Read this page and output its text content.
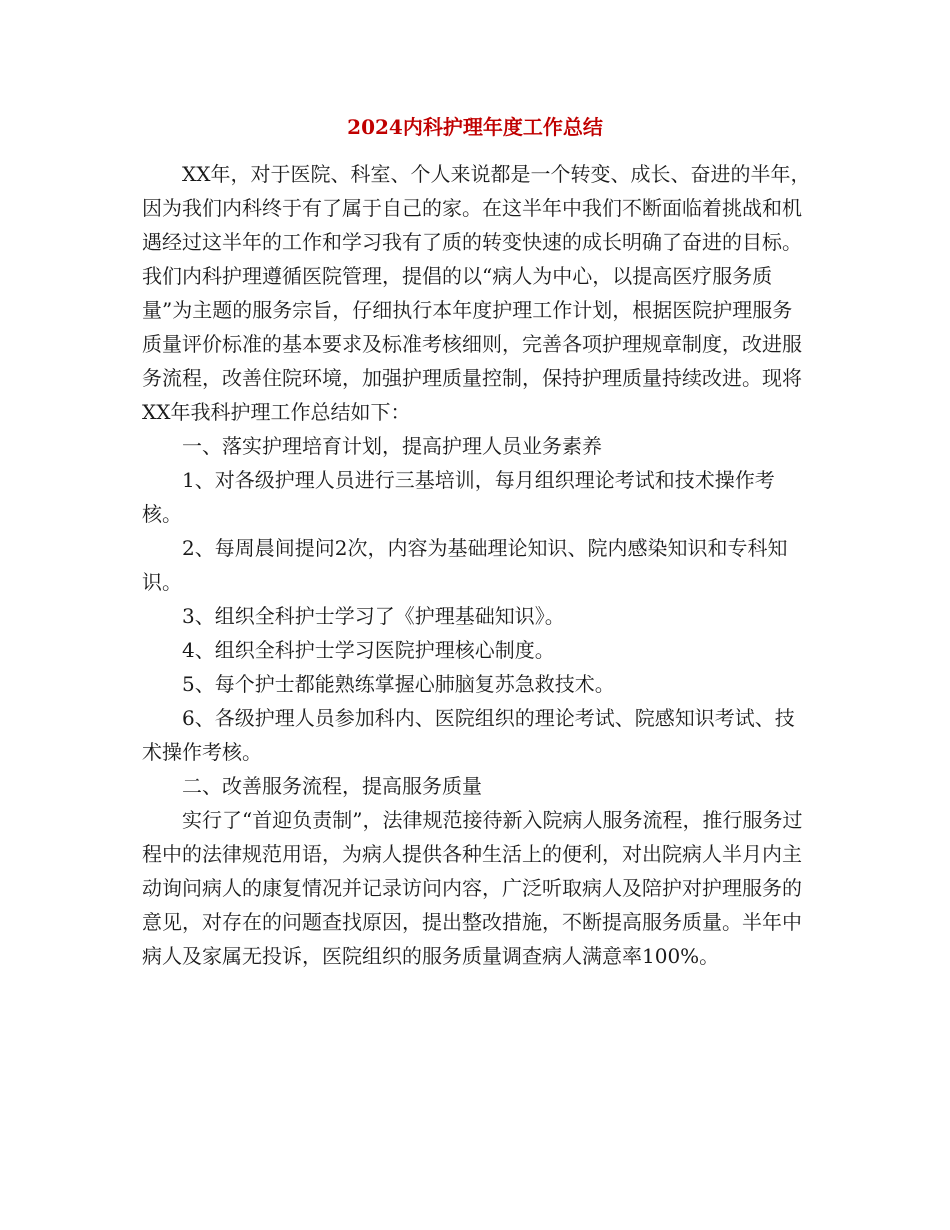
2024内科护理年度工作总结

XX年，对于医院、科室、个人来说都是一个转变、成长、奋进的半年，因为我们内科终于有了属于自己的家。在这半年中我们不断面临着挑战和机遇经过这半年的工作和学习我有了质的转变快速的成长明确了奋进的目标。我们内科护理遵循医院管理，提倡的以“病人为中心，以提高医疗服务质量”为主题的服务宗旨，仔细执行本年度护理工作计划，根据医院护理服务质量评价标准的基本要求及标准考核细则，完善各项护理规章制度，改进服务流程，改善住院环境，加强护理质量控制，保持护理质量持续改进。现将XX年我科护理工作总结如下：

一、落实护理培育计划，提高护理人员业务素养

1、对各级护理人员进行三基培训，每月组织理论考试和技术操作考核。

2、每周晨间提问2次，内容为基础理论知识、院内感染知识和专科知识。

3、组织全科护士学习了《护理基础知识》。

4、组织全科护士学习医院护理核心制度。

5、每个护士都能熟练掌握心肺脑复苏急救技术。

6、各级护理人员参加科内、医院组织的理论考试、院感知识考试、技术操作考核。

二、改善服务流程，提高服务质量

实行了“首迎负责制”，法律规范接待新入院病人服务流程，推行服务过程中的法律规范用语，为病人提供各种生活上的便利，对出院病人半月内主动询问病人的康复情况并记录访问内容，广泛听取病人及陪护对护理服务的意见，对存在的问题查找原因，提出整改措施，不断提高服务质量。半年中病人及家属无投诉，医院组织的服务质量调查病人满意率100%。
